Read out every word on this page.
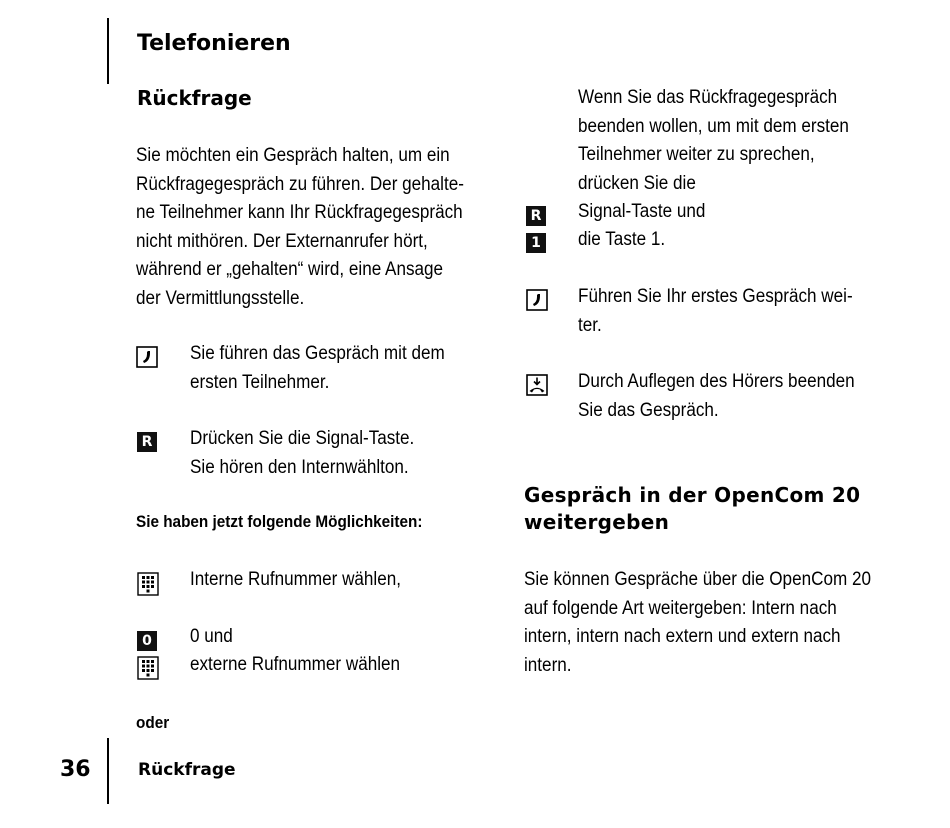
Telefonieren
Rückfrage
Sie möchten ein Gespräch halten, um ein
Rückfragegespräch zu führen. Der gehalte-
ne Teilnehmer kann Ihr Rückfragegespräch
nicht mithören. Der Externanrufer hört,
während er „gehalten“ wird, eine Ansage
der Vermittlungsstelle.
Sie führen das Gespräch mit dem
ersten Teilnehmer.
R Drücken Sie die Signal-Taste.
Sie hören den Internwählton.
Sie haben jetzt folgende Möglichkeiten:
Interne Rufnummer wählen,
0 0 und
externe Rufnummer wählen
oder
Wenn Sie das Rückfragegespräch
beenden wollen, um mit dem ersten
Teilnehmer weiter zu sprechen,
drücken Sie die
R Signal-Taste und
1 die Taste 1.
Führen Sie Ihr erstes Gespräch wei-
ter.
Durch Auflegen des Hörers beenden
Sie das Gespräch.
Gespräch in der OpenCom 20
weitergeben
Sie können Gespräche über die OpenCom 20
auf folgende Art weitergeben: Intern nach
intern, intern nach extern und extern nach
intern.
36	Rückfrage
